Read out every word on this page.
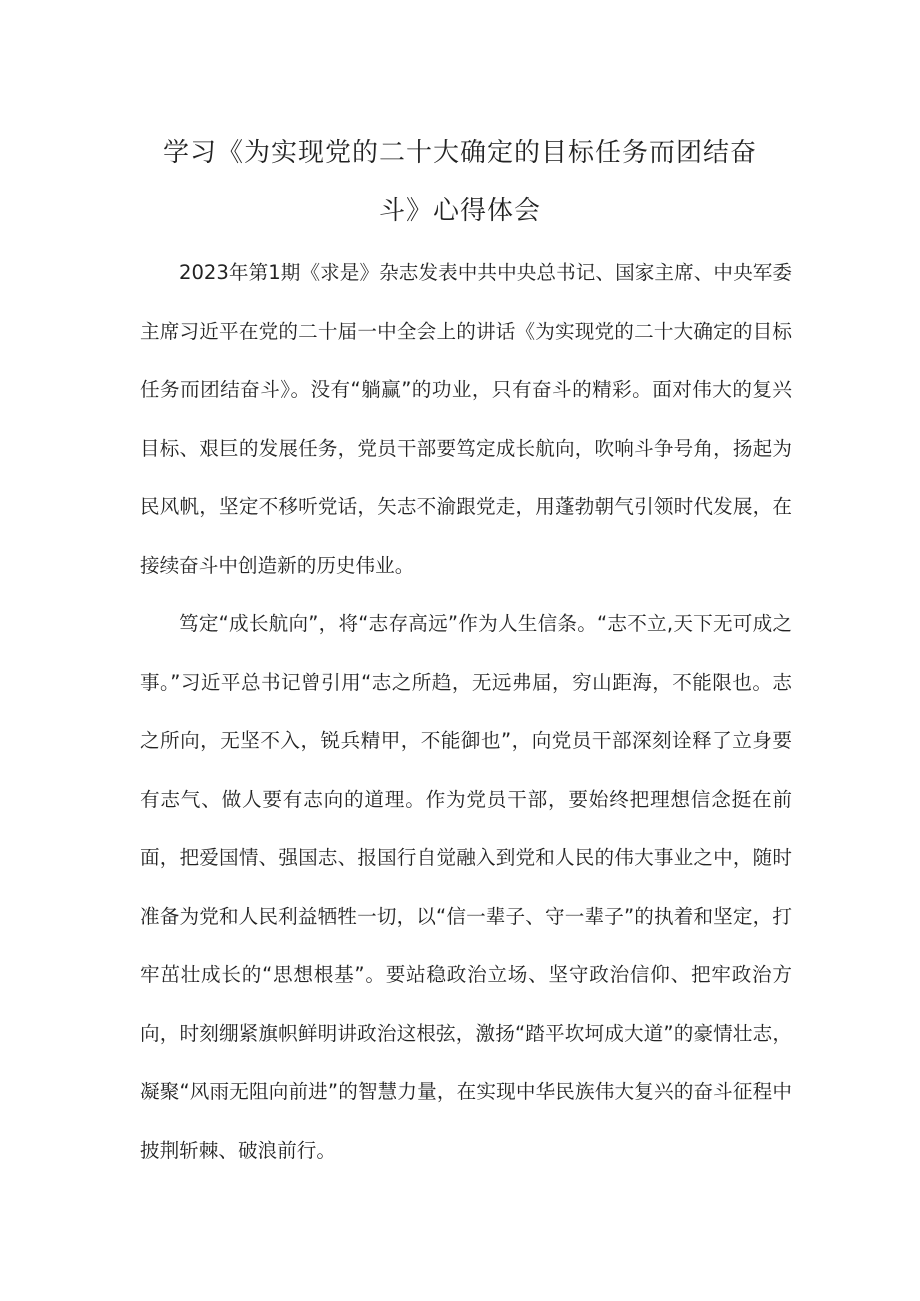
学习《为实现党的二十大确定的目标任务而团结奋
斗》心得体会

2023年第1期《求是》杂志发表中共中央总书记、国家主席、中央军委主席习近平在党的二十届一中全会上的讲话《为实现党的二十大确定的目标任务而团结奋斗》。没有“躺赢”的功业，只有奋斗的精彩。面对伟大的复兴目标、艰巨的发展任务，党员干部要笃定成长航向，吹响斗争号角，扬起为民风帆，坚定不移听党话，矢志不渝跟党走，用蓬勃朝气引领时代发展，在接续奋斗中创造新的历史伟业。

笃定“成长航向”，将“志存高远”作为人生信条。“志不立,天下无可成之事。”习近平总书记曾引用“志之所趋，无远弗届，穷山距海，不能限也。志之所向，无坚不入，锐兵精甲，不能御也”，向党员干部深刻诠释了立身要有志气、做人要有志向的道理。作为党员干部，要始终把理想信念挺在前面，把爱国情、强国志、报国行自觉融入到党和人民的伟大事业之中，随时准备为党和人民利益牺牲一切，以“信一辈子、守一辈子”的执着和坚定，打牢茁壮成长的“思想根基”。要站稳政治立场、坚守政治信仰、把牢政治方向，时刻绷紧旗帜鲜明讲政治这根弦，激扬“踏平坎坷成大道”的豪情壮志，凝聚“风雨无阻向前进”的智慧力量，在实现中华民族伟大复兴的奋斗征程中披荆斩棘、破浪前行。
